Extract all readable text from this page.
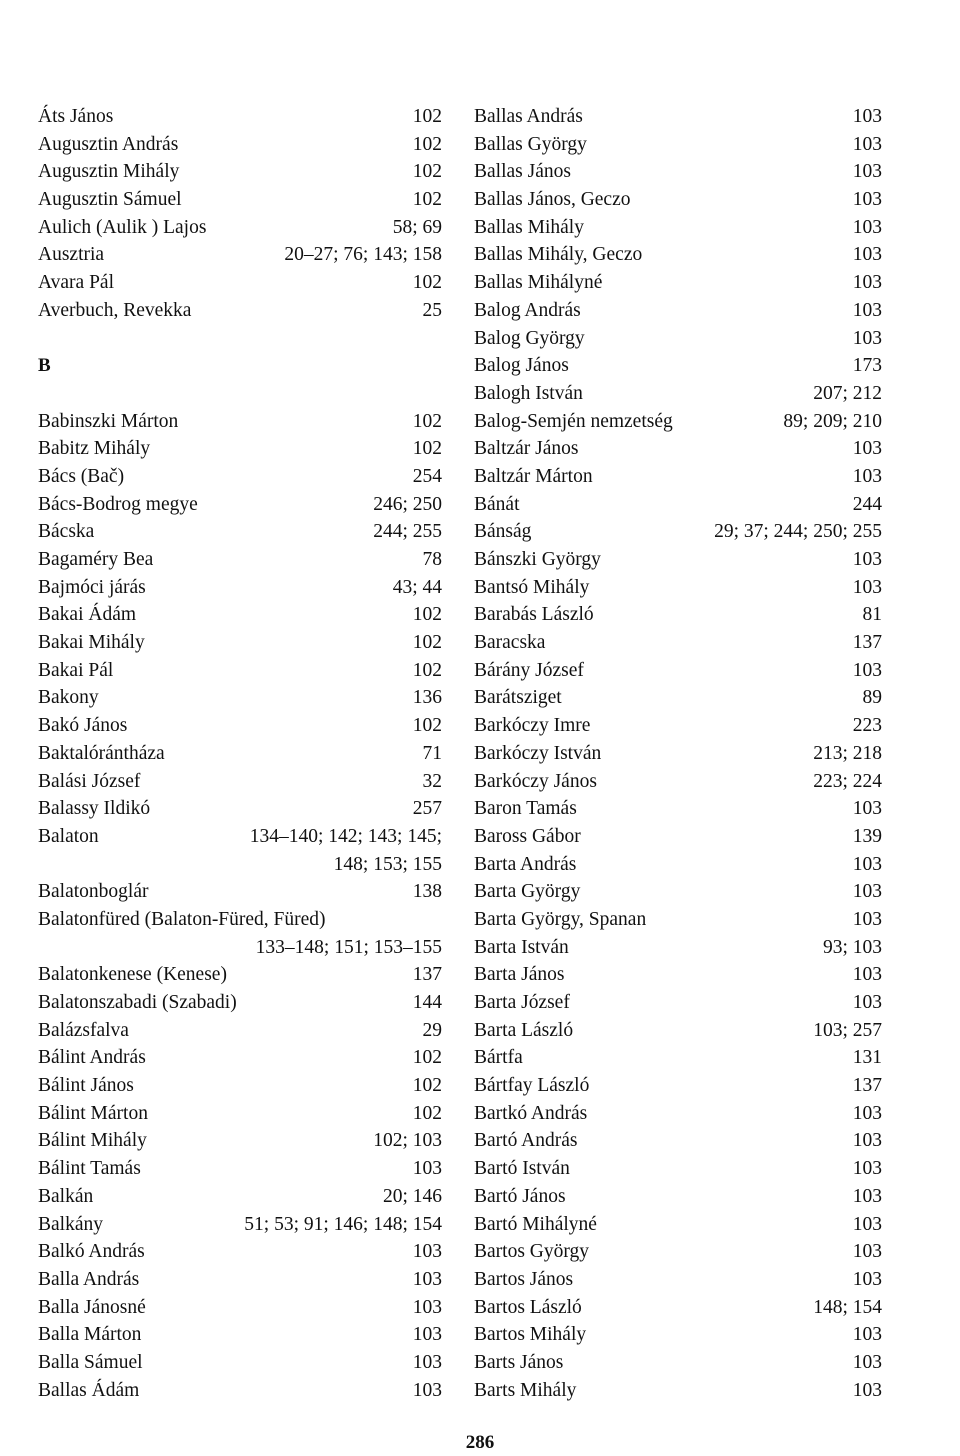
Áts János	102
Augusztin András	102
Augusztin Mihály	102
Augusztin Sámuel	102
Aulich (Aulik ) Lajos	58; 69
Ausztria	20–27; 76; 143; 158
Avara Pál	102
Averbuch, Revekka	25
B
Babinszki Márton	102
Babitz Mihály	102
Bács (Bač)	254
Bács-Bodrog megye	246; 250
Bácska	244; 255
Bagaméry Bea	78
Bajmóci járás	43; 44
Bakai Ádám	102
Bakai Mihály	102
Bakai Pál	102
Bakony	136
Bakó János	102
Baktalórántháza	71
Balási József	32
Balassy Ildikó	257
Balaton	134–140; 142; 143; 145;
148; 153; 155
Balatonboglár	138
Balatonfüred (Balaton-Füred, Füred)
133–148; 151; 153–155
Balatonkenese (Kenese)	137
Balatonszabadi (Szabadi)	144
Balázsfalva	29
Bálint András	102
Bálint János	102
Bálint Márton	102
Bálint Mihály	102; 103
Bálint Tamás	103
Balkán	20; 146
Balkány	51; 53; 91; 146; 148; 154
Balkó András	103
Balla András	103
Balla Jánosné	103
Balla Márton	103
Balla Sámuel	103
Ballas Ádám	103
Ballas András	103
Ballas György	103
Ballas János	103
Ballas János, Geczo	103
Ballas Mihály	103
Ballas Mihály, Geczo	103
Ballas Mihályné	103
Balog András	103
Balog György	103
Balog János	173
Balogh István	207; 212
Balog-Semjén nemzetség	89; 209; 210
Baltzár János	103
Baltzár Márton	103
Bánát	244
Bánság	29; 37; 244; 250; 255
Bánszki György	103
Bantsó Mihály	103
Barabás László	81
Baracska	137
Bárány József	103
Barátsziget	89
Barkóczy Imre	223
Barkóczy István	213; 218
Barkóczy János	223; 224
Baron Tamás	103
Baross Gábor	139
Barta András	103
Barta György	103
Barta György, Spanan	103
Barta István	93; 103
Barta János	103
Barta József	103
Barta László	103; 257
Bártfa	131
Bártfay László	137
Bartkó András	103
Bartó András	103
Bartó István	103
Bartó János	103
Bartó Mihályné	103
Bartos György	103
Bartos János	103
Bartos László	148; 154
Bartos Mihály	103
Barts János	103
Barts Mihály	103
286
